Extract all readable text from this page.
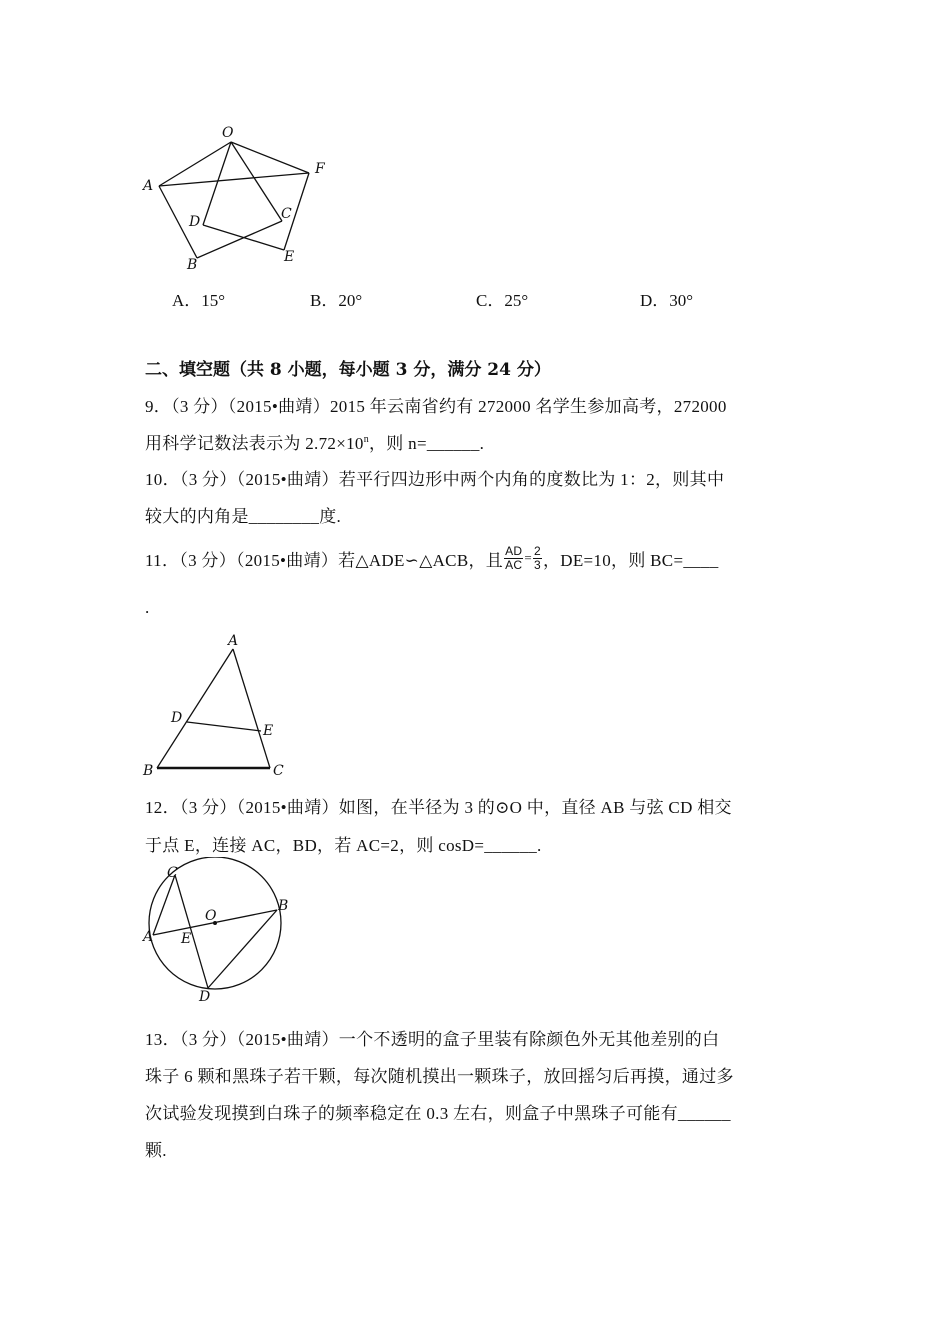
O
A
F
D	C
B	E
A．15°	B．20°	C．25°	D．30°
二、填空题（共 8 小题，每小题 3 分，满分 24 分）
9．（3 分）（2015•曲靖）2015 年云南省约有 272000 名学生参加高考，272000
用科学记数法表示为 $2.72\times 10^n$，则 n=______.
10．（3 分）（2015•曲靖）若平行四边形中两个内角的度数比为 1：2，则其中
较大的内角是________度.
11．（3 分）（2015•曲靖）若△ADE∽△ACB，且 $\frac{AD}{AC} = \frac{2}{3}$ ，DE=10，则 BC=____
.
A
D
E
B	C
12．（3 分）（2015•曲靖）如图，在半径为 3 的⊙O 中，直径 AB 与弦 CD 相交
于点 E，连接 AC，BD，若 AC=2，则 cosD=______.
C
O
B
A E
D
13．（3 分）（2015•曲靖）一个不透明的盒子里装有除颜色外无其他差别的白
珠子 6 颗和黑珠子若干颗，每次随机摸出一颗珠子，放回摇匀后再摸，通过多
次试验发现摸到白珠子的频率稳定在 0.3 左右，则盒子中黑珠子可能有______
颗.
